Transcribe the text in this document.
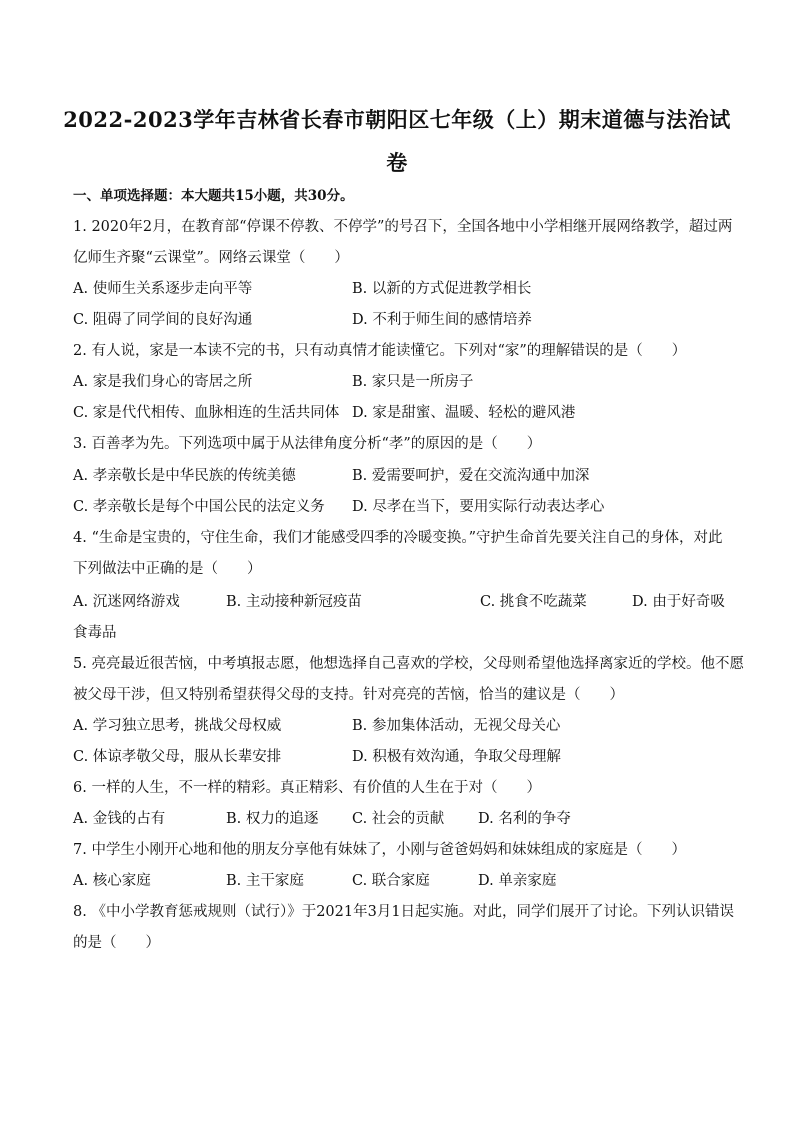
2022-2023学年吉林省长春市朝阳区七年级（上）期末道德与法治试
卷
一、单项选择题：本大题共15小题，共30分。
1. 2020年2月，在教育部“停课不停教、不停学”的号召下，全国各地中小学相继开展网络教学，超过两
亿师生齐聚“云课堂”。网络云课堂（　　）
A. 使师生关系逐步走向平等	B. 以新的方式促进教学相长
C. 阻碍了同学间的良好沟通	D. 不利于师生间的感情培养
2. 有人说，家是一本读不完的书，只有动真情才能读懂它。下列对“家”的理解错误的是（　　）
A. 家是我们身心的寄居之所	B. 家只是一所房子
C. 家是代代相传、血脉相连的生活共同体 D. 家是甜蜜、温暖、轻松的避风港
3. 百善孝为先。下列选项中属于从法律角度分析“孝”的原因的是（　　）
A. 孝亲敬长是中华民族的传统美德	B. 爱需要呵护，爱在交流沟通中加深
C. 孝亲敬长是每个中国公民的法定义务 D. 尽孝在当下，要用实际行动表达孝心
4. “生命是宝贵的，守住生命，我们才能感受四季的冷暖变换。”守护生命首先要关注自己的身体，对此
下列做法中正确的是（　　）
A. 沉迷网络游戏	B. 主动接种新冠疫苗	C. 挑食不吃蔬菜	D. 由于好奇吸
食毒品
5. 亮亮最近很苦恼，中考填报志愿，他想选择自己喜欢的学校，父母则希望他选择离家近的学校。他不愿
被父母干涉，但又特别希望获得父母的支持。针对亮亮的苦恼，恰当的建议是（　　）
A. 学习独立思考，挑战父母权威	B. 参加集体活动，无视父母关心
C. 体谅孝敬父母，服从长辈安排	D. 积极有效沟通，争取父母理解
6. 一样的人生，不一样的精彩。真正精彩、有价值的人生在于对（　　）
A. 金钱的占有	B. 权力的追逐 C. 社会的贡献 D. 名利的争夺
7. 中学生小刚开心地和他的朋友分享他有妹妹了，小刚与爸爸妈妈和妹妹组成的家庭是（　　）
A. 核心家庭	B. 主干家庭	C. 联合家庭	D. 单亲家庭
8. 《中小学教育惩戒规则（试行）》于2021年3月1日起实施。对此，同学们展开了讨论。下列认识错误
的是（　　）
